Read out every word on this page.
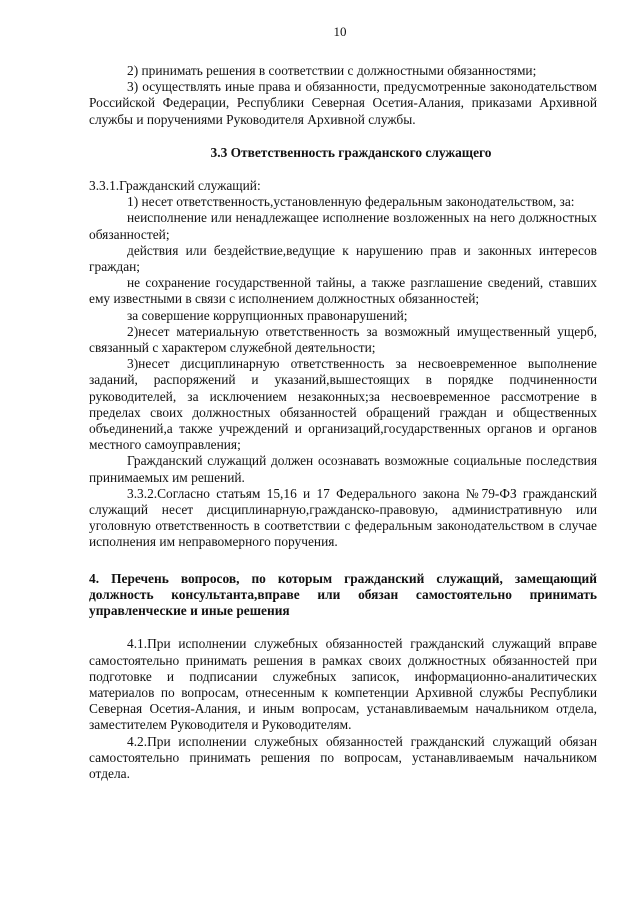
10

2) принимать решения в соответствии с должностными обязанностями;

3) осуществлять иные права и обязанности, предусмотренные законодательством Российской Федерации, Республики Северная Осетия-Алания, приказами Архивной службы и поручениями Руководителя Архивной службы.

3.3 Ответственность гражданского служащего

3.3.1.Гражданский служащий:

1) несет ответственность,установленную федеральным законодательством, за:

неисполнение или ненадлежащее исполнение возложенных на него должностных обязанностей;

действия или бездействие,ведущие к нарушению прав и законных интересов граждан;

не сохранение государственной тайны, а также разглашение сведений, ставших ему известными в связи с исполнением должностных обязанностей;

за совершение коррупционных правонарушений;

2)несет материальную ответственность за возможный имущественный ущерб, связанный с характером служебной деятельности;

3)несет дисциплинарную ответственность за несвоевременное выполнение заданий, распоряжений и указаний,вышестоящих в порядке подчиненности руководителей, за исключением незаконных;за несвоевременное рассмотрение в пределах своих должностных обязанностей обращений граждан и общественных объединений,а также учреждений и организаций,государственных органов и органов местного самоуправления;

Гражданский служащий должен осознавать возможные социальные последствия принимаемых им решений.

3.3.2.Согласно статьям 15,16 и 17 Федерального закона №79-ФЗ гражданский служащий несет дисциплинарную,гражданско-правовую, административную или уголовную ответственность в соответствии с федеральным законодательством в случае исполнения им неправомерного поручения.

4. Перечень вопросов, по которым гражданский служащий, замещающий должность консультанта,вправе или обязан самостоятельно принимать управленческие и иные решения

4.1.При исполнении служебных обязанностей гражданский служащий вправе самостоятельно принимать решения в рамках своих должностных обязанностей при подготовке и подписании служебных записок, информационно-аналитических материалов по вопросам, отнесенным к компетенции Архивной службы Республики Северная Осетия-Алания, и иным вопросам, устанавливаемым начальником отдела, заместителем Руководителя и Руководителям.

4.2.При исполнении служебных обязанностей гражданский служащий обязан самостоятельно принимать решения по вопросам, устанавливаемым начальником отдела.
